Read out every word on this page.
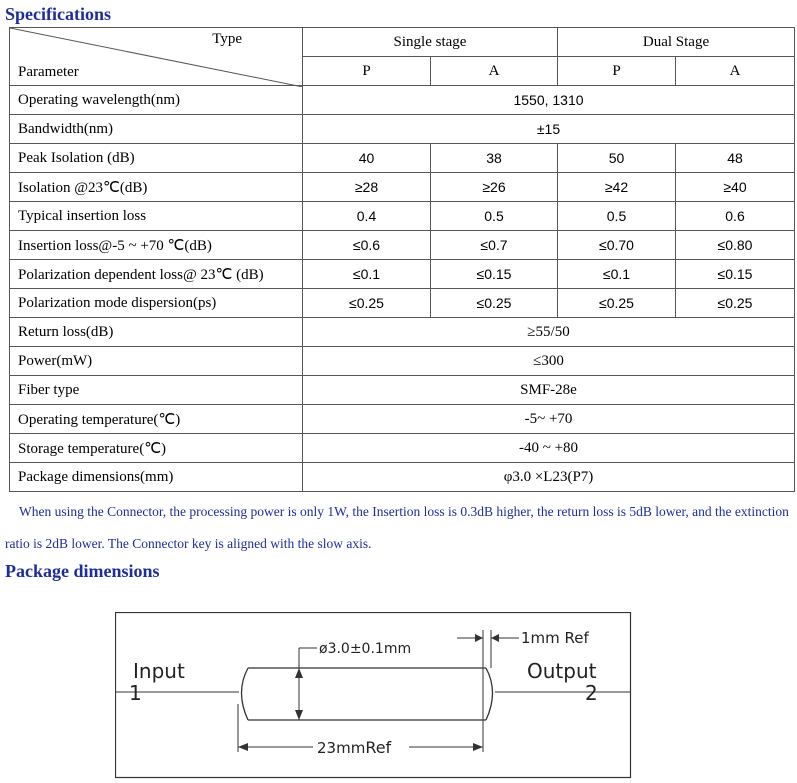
Specifications
Type
Parameter	Single stage		Dual Stage	
	P	A	P	A
Operating wavelength(nm)	1550, 1310			
Bandwidth(nm)	±15			
Peak Isolation (dB)	40	38	50	48
Isolation @23℃(dB)	≥28	≥26	≥42	≥40
Typical insertion loss	0.4	0.5	0.5	0.6
Insertion loss@-5 ~ +70 ℃(dB)	≤0.6	≤0.7	≤0.70	≤0.80
Polarization dependent loss@ 23℃ (dB)	≤0.1	≤0.15	≤0.1	≤0.15
Polarization mode dispersion(ps)	≤0.25	≤0.25	≤0.25	≤0.25
Return loss(dB)	≥55/50			
Power(mW)	≤300			
Fiber type	SMF-28e			
Operating temperature(℃)	-5~ +70			
Storage temperature(℃)	-40 ~ +80			
Package dimensions(mm)	φ3.0 ×L23(P7)			

When using the Connector, the processing power is only 1W, the Insertion loss is 0.3dB higher, the return loss is 5dB lower, and the extinction ratio is 2dB lower. The Connector key is aligned with the slow axis.

Package dimensions
ø3.0±0.1mm
1mm Ref
23mmRef
Input
1
Output
2
